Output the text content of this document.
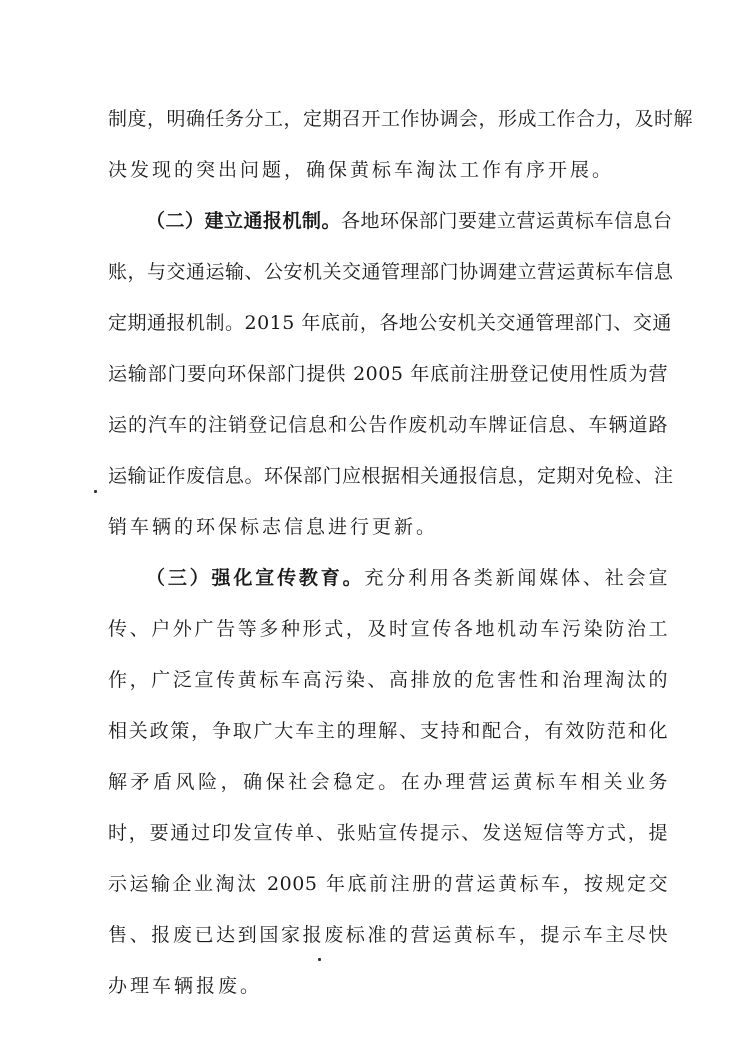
制度，明确任务分工，定期召开工作协调会，形成工作合力，及时解
决发现的突出问题，确保黄标车淘汰工作有序开展。
（二）建立通报机制。各地环保部门要建立营运黄标车信息台
账，与交通运输、公安机关交通管理部门协调建立营运黄标车信息
定期通报机制。2015 年底前，各地公安机关交通管理部门、交通
运输部门要向环保部门提供 2005 年底前注册登记使用性质为营
运的汽车的注销登记信息和公告作废机动车牌证信息、车辆道路
运输证作废信息。环保部门应根据相关通报信息，定期对免检、注
销车辆的环保标志信息进行更新。
（三）强化宣传教育。充分利用各类新闻媒体、社会宣
传、户外广告等多种形式，及时宣传各地机动车污染防治工
作，广泛宣传黄标车高污染、高排放的危害性和治理淘汰的
相关政策，争取广大车主的理解、支持和配合，有效防范和化
解矛盾风险，确保社会稳定。在办理营运黄标车相关业务
时，要通过印发宣传单、张贴宣传提示、发送短信等方式，提
示运输企业淘汰 2005 年底前注册的营运黄标车，按规定交
售、报废已达到国家报废标准的营运黄标车，提示车主尽快
办理车辆报废。
